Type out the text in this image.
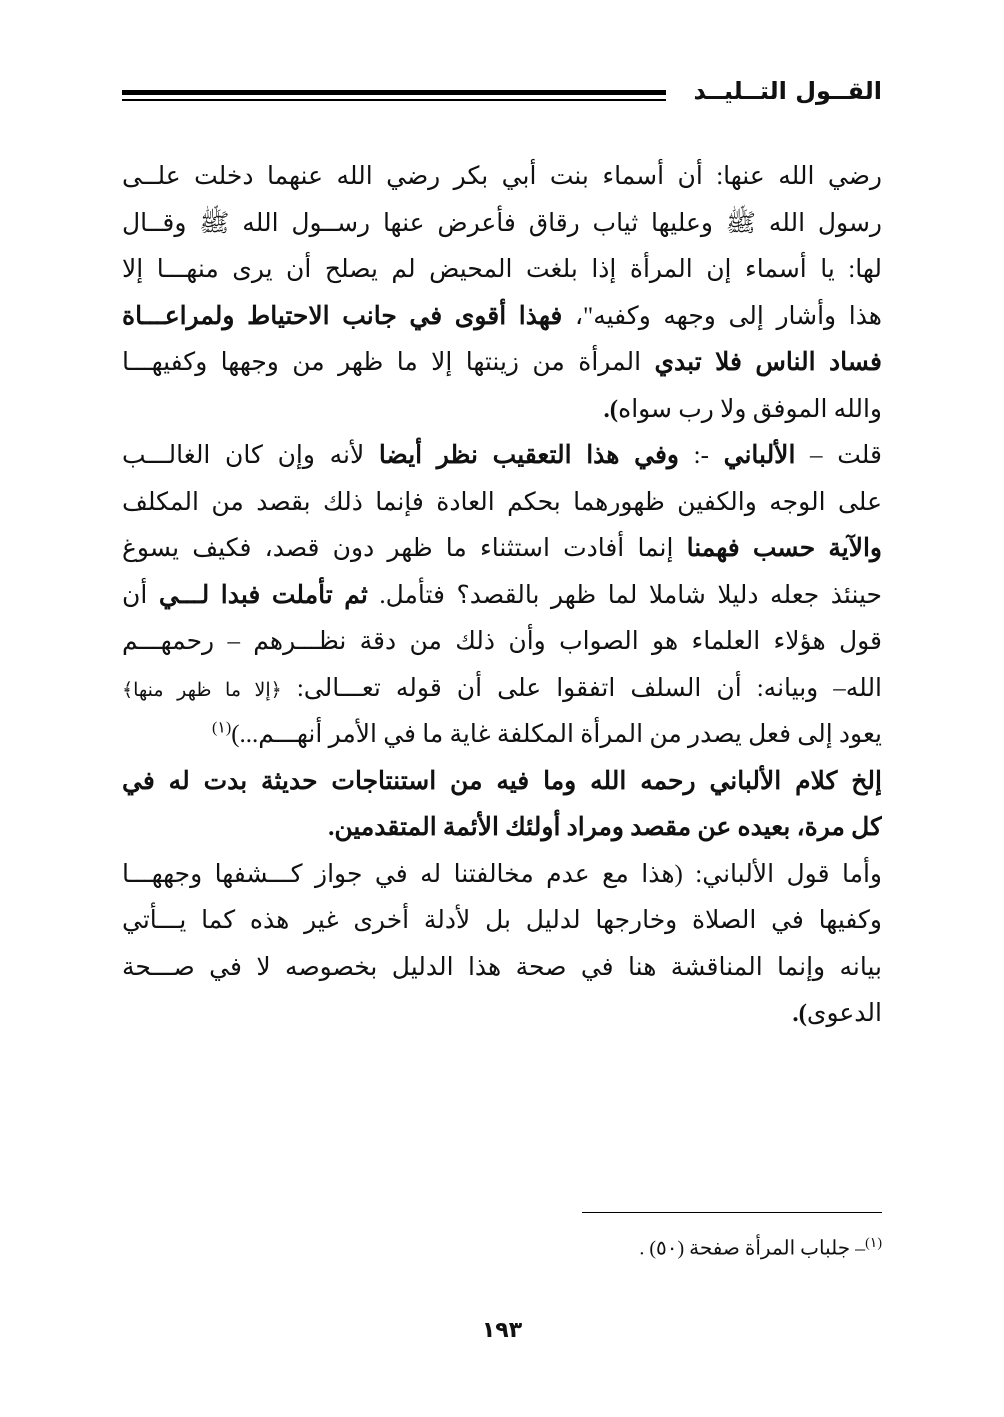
القــول التــليــد
رضي الله عنها: أن أسماء بنت أبي بكر رضي الله عنهما دخلت علــى
رسول الله ﷺ وعليها ثياب رقاق فأعرض عنها رســول الله ﷺ وقــال
لها: يا أسماء إن المرأة إذا بلغت المحيض لم يصلح أن يرى منهـــا إلا
هذا وأشار إلى وجهه وكفيه"، فهذا أقوى في جانب الاحتياط ولمراعـــاة
فساد الناس فلا تبدي المرأة من زينتها إلا ما ظهر من وجهها وكفيهـــا
والله الموفق ولا رب سواه).
قلت – الألباني -: وفي هذا التعقيب نظر أيضا لأنه وإن كان الغالـــب
على الوجه والكفين ظهورهما بحكم العادة فإنما ذلك بقصد من المكلف
والآية حسب فهمنا إنما أفادت استثناء ما ظهر دون قصد، فكيف يسوغ
حينئذ جعله دليلا شاملا لما ظهر بالقصد؟ فتأمل. ثم تأملت فبدا لـــي أن
قول هؤلاء العلماء هو الصواب وأن ذلك من دقة نظـــرهم – رحمهـــم
الله– وبيانه: أن السلف اتفقوا على أن قوله تعـــالى: ﴿إلا ما ظهر منها﴾
يعود إلى فعل يصدر من المرأة المكلفة غاية ما في الأمر أنهـــم...)$^{(١)}$
إلخ كلام الألباني رحمه الله وما فيه من استنتاجات حديثة بدت له في
كل مرة، بعيده عن مقصد ومراد أولئك الأئمة المتقدمين.
وأما قول الألباني: (هذا مع عدم مخالفتنا له في جواز كـــشفها وجههـــا
وكفيها في الصلاة وخارجها لدليل بل لأدلة أخرى غير هذه كما يـــأتي
بيانه وإنما المناقشة هنا في صحة هذا الدليل بخصوصه لا في صـــحة
الدعوى).
$^{(١)}$– جلباب المرأة صفحة (٥٠) .
١٩٣
